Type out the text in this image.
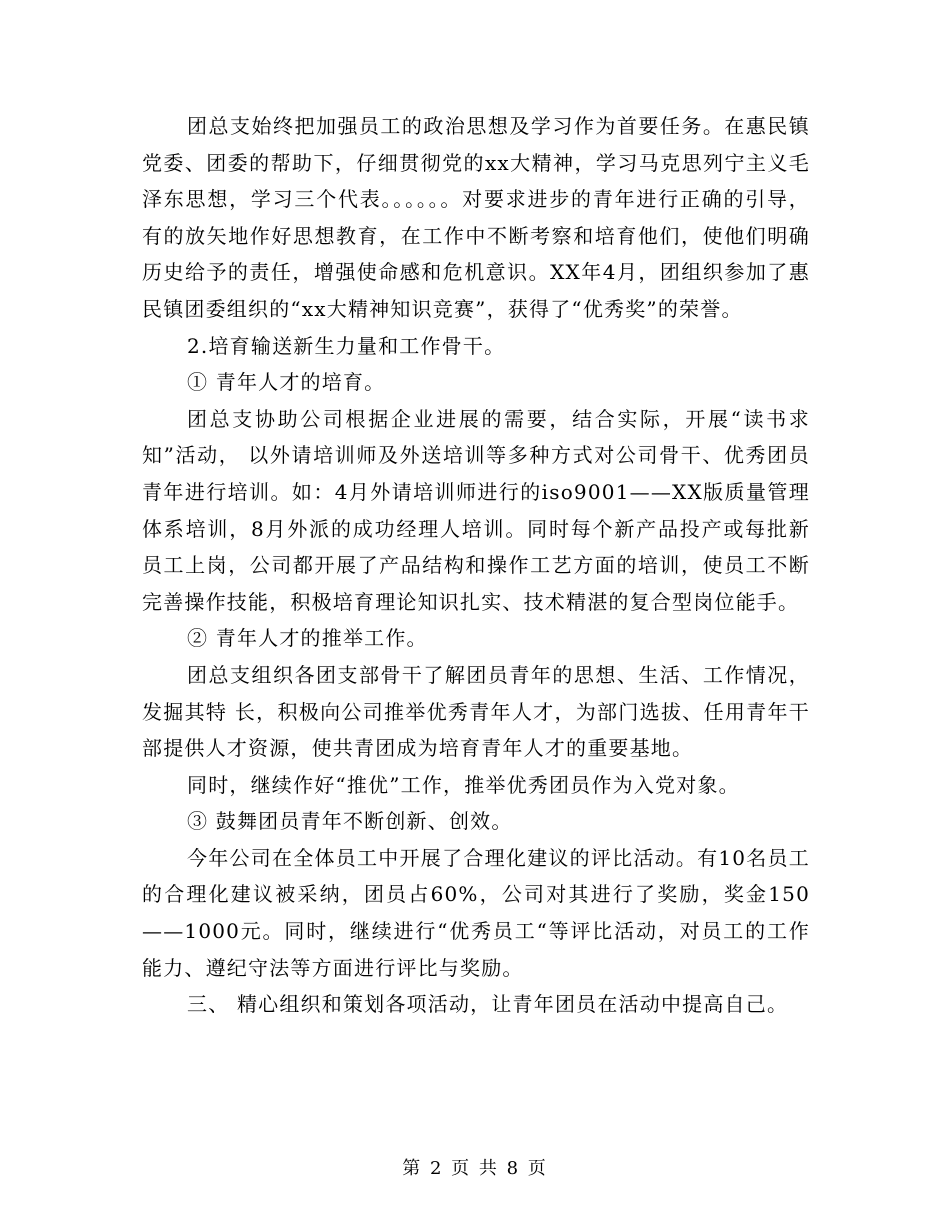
团总支始终把加强员工的政治思想及学习作为首要任务。在惠民镇党委、团委的帮助下，仔细贯彻党的xx大精神，学习马克思列宁主义毛泽东思想，学习三个代表。。。。。。对要求进步的青年进行正确的引导，有的放矢地作好思想教育，在工作中不断考察和培育他们，使他们明确历史给予的责任，增强使命感和危机意识。XX年4月，团组织参加了惠民镇团委组织的“xx大精神知识竞赛”，获得了“优秀奖”的荣誉。

2.培育输送新生力量和工作骨干。

① 青年人才的培育。

团总支协助公司根据企业进展的需要，结合实际，开展“读书求知”活动， 以外请培训师及外送培训等多种方式对公司骨干、优秀团员青年进行培训。如：4月外请培训师进行的iso9001——XX版质量管理体系培训，8月外派的成功经理人培训。同时每个新产品投产或每批新员工上岗，公司都开展了产品结构和操作工艺方面的培训，使员工不断完善操作技能，积极培育理论知识扎实、技术精湛的复合型岗位能手。

② 青年人才的推举工作。

团总支组织各团支部骨干了解团员青年的思想、生活、工作情况，发掘其特 长，积极向公司推举优秀青年人才，为部门选拔、任用青年干部提供人才资源，使共青团成为培育青年人才的重要基地。

同时，继续作好“推优”工作，推举优秀团员作为入党对象。

③ 鼓舞团员青年不断创新、创效。

今年公司在全体员工中开展了合理化建议的评比活动。有10名员工的合理化建议被采纳，团员占60%，公司对其进行了奖励，奖金150——1000元。同时，继续进行“优秀员工“等评比活动，对员工的工作能力、遵纪守法等方面进行评比与奖励。

三、 精心组织和策划各项活动，让青年团员在活动中提高自己。

第 2 页 共 8 页
